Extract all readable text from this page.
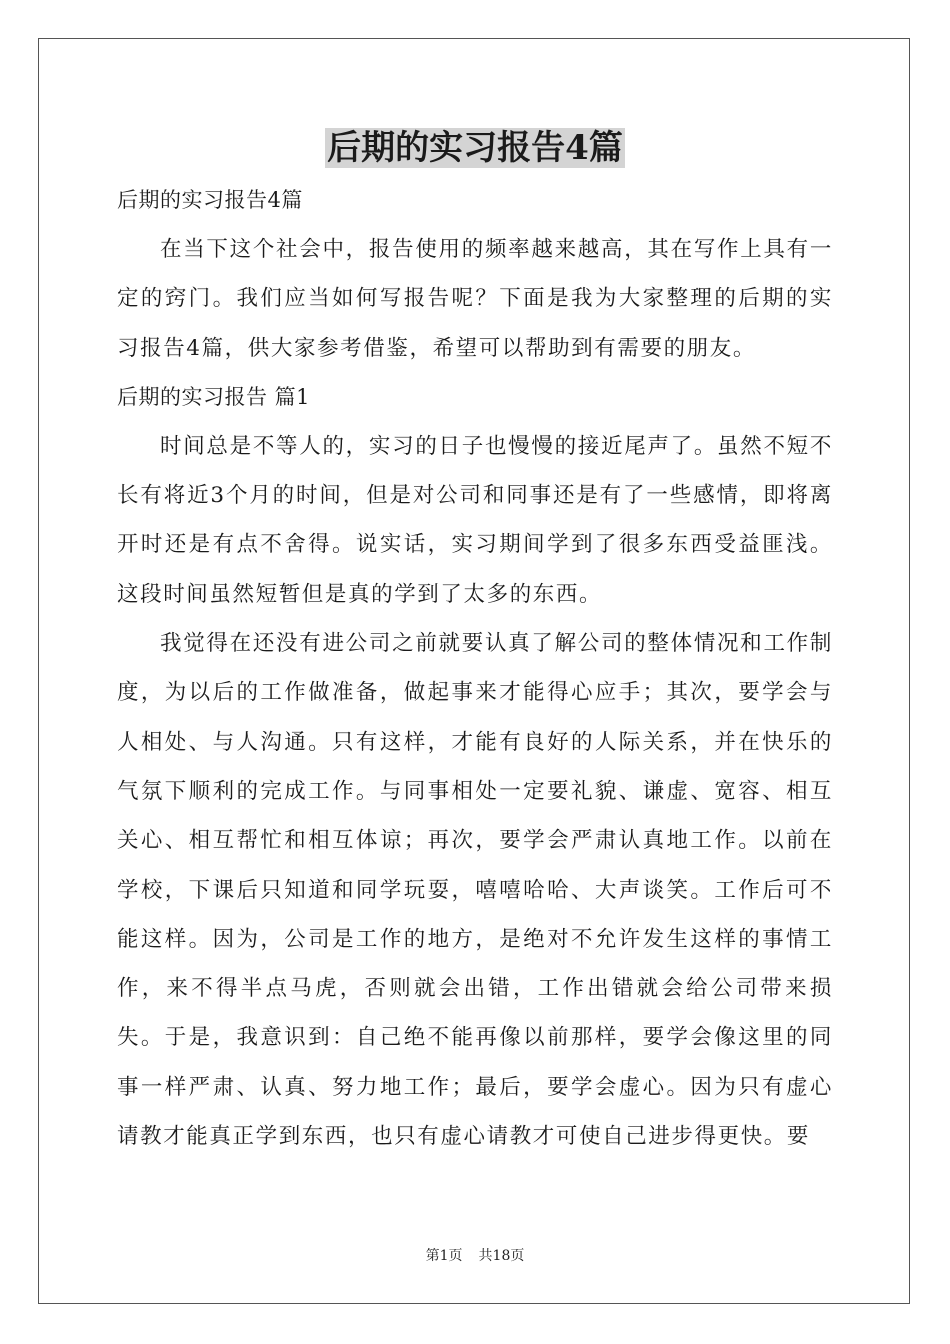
后期的实习报告4篇

后期的实习报告4篇

在当下这个社会中，报告使用的频率越来越高，其在写作上具有一定的窍门。我们应当如何写报告呢？下面是我为大家整理的后期的实习报告4篇，供大家参考借鉴，希望可以帮助到有需要的朋友。

后期的实习报告 篇1

时间总是不等人的，实习的日子也慢慢的接近尾声了。虽然不短不长有将近3个月的时间，但是对公司和同事还是有了一些感情，即将离开时还是有点不舍得。说实话，实习期间学到了很多东西受益匪浅。这段时间虽然短暂但是真的学到了太多的东西。

我觉得在还没有进公司之前就要认真了解公司的整体情况和工作制度，为以后的工作做准备，做起事来才能得心应手；其次，要学会与人相处、与人沟通。只有这样，才能有良好的人际关系，并在快乐的气氛下顺利的完成工作。与同事相处一定要礼貌、谦虚、宽容、相互关心、相互帮忙和相互体谅；再次，要学会严肃认真地工作。以前在学校，下课后只知道和同学玩耍，嘻嘻哈哈、大声谈笑。工作后可不能这样。因为，公司是工作的地方，是绝对不允许发生这样的事情工作，来不得半点马虎，否则就会出错，工作出错就会给公司带来损失。于是，我意识到：自己绝不能再像以前那样，要学会像这里的同事一样严肃、认真、努力地工作；最后，要学会虚心。因为只有虚心请教才能真正学到东西，也只有虚心请教才可使自己进步得更快。要

第1页 共18页
